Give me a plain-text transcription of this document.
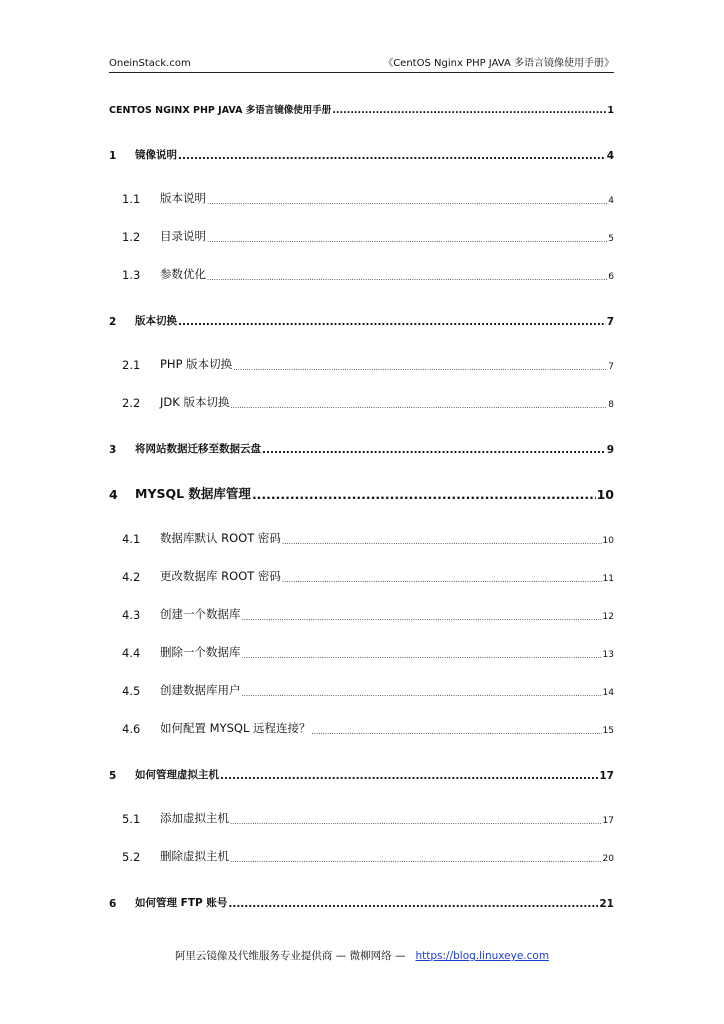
OneinStack.com	《CentOS Nginx PHP JAVA 多语言镜像使用手册》
CENTOS NGINX PHP JAVA 多语言镜像使用手册 .....	1
1	镜像说明 .....	4
1.1	版本说明 .....	4
1.2	目录说明 .....	5
1.3	参数优化 .....	6
2	版本切换 .....	7
2.1	PHP 版本切换 .....	7
2.2	JDK 版本切换 .....	8
3	将网站数据迁移至数据云盘 .....	9
4	MYSQL 数据库管理 .....	10
4.1	数据库默认 ROOT 密码 .....	10
4.2	更改数据库 ROOT 密码 .....	11
4.3	创建一个数据库 .....	12
4.4	删除一个数据库 .....	13
4.5	创建数据库用户 .....	14
4.6	如何配置 MYSQL 远程连接？ .....	15
5	如何管理虚拟主机 .....	17
5.1	添加虚拟主机 .....	17
5.2	删除虚拟主机 .....	20
6	如何管理 FTP 账号 .....	21
阿里云镜像及代维服务专业提供商 — 微柳网络 — https://blog.linuxeye.com
